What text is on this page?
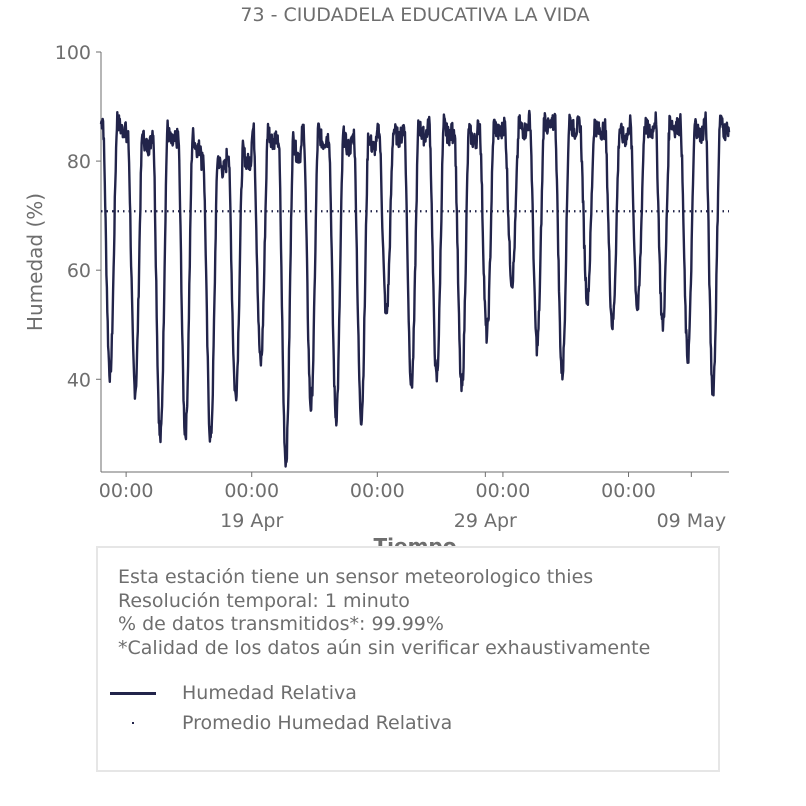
73 - CIUDADELA EDUCATIVA LA VIDA
Humedad (%)
40
60
80
100
00:00	00:00	00:00	00:00	00:00
19 Apr	29 Apr	09 May
Esta estación tiene un sensor meteorologico thies
Resolución temporal: 1 minuto
% de datos transmitidos*: 99.99%
*Calidad de los datos aún sin verificar exhaustivamente
Humedad Relativa
Promedio Humedad Relativa
